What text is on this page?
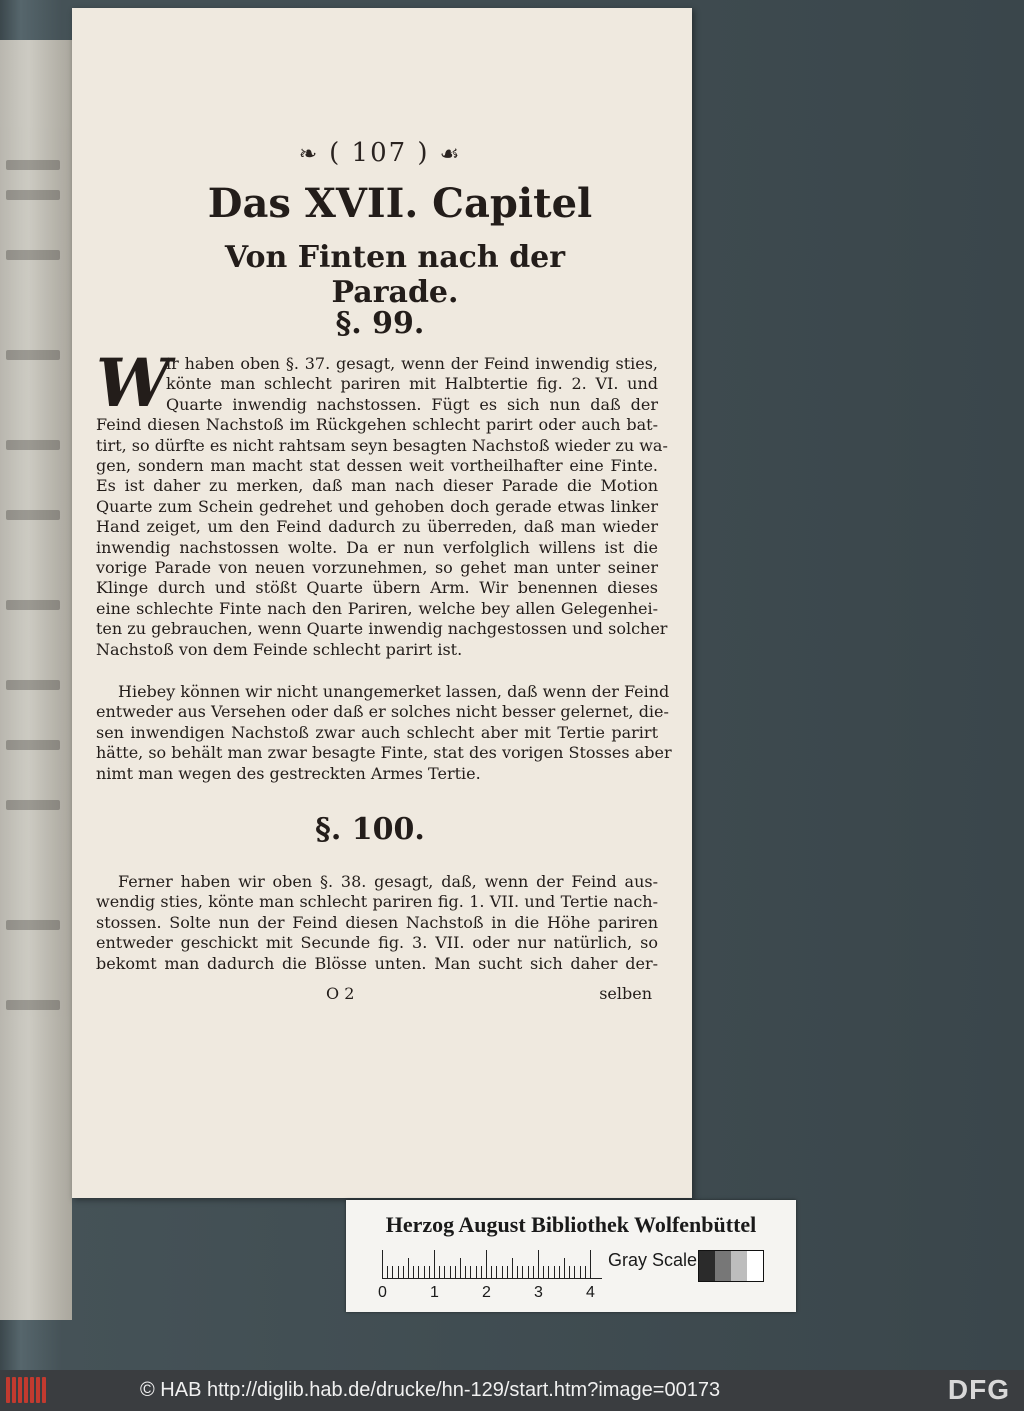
❧ ( 107 ) ☙
Das XVII. Capitel
Von Finten nach der Parade.
§. 99.
W

ir haben oben §. 37. gesagt, wenn der Feind inwendig sties,

könte man schlecht pariren mit Halbtertie fig. 2. VI. und

Quarte inwendig nachstossen. Fügt es sich nun daß der

Feind diesen Nachstoß im Rückgehen schlecht parirt oder auch bat-

tirt, so dürfte es nicht rahtsam seyn besagten Nachstoß wieder zu wa-

gen, sondern man macht stat dessen weit vortheilhafter eine Finte.

Es ist daher zu merken, daß man nach dieser Parade die Motion

Quarte zum Schein gedrehet und gehoben doch gerade etwas linker

Hand zeiget, um den Feind dadurch zu überreden, daß man wieder

inwendig nachstossen wolte. Da er nun verfolglich willens ist die

vorige Parade von neuen vorzunehmen, so gehet man unter seiner

Klinge durch und stößt Quarte übern Arm. Wir benennen dieses

eine schlechte Finte nach den Pariren, welche bey allen Gelegenhei-

ten zu gebrauchen, wenn Quarte inwendig nachgestossen und solcher

Nachstoß von dem Feinde schlecht parirt ist.

Hiebey können wir nicht unangemerket lassen, daß wenn der Feind

entweder aus Versehen oder daß er solches nicht besser gelernet, die-

sen inwendigen Nachstoß zwar auch schlecht aber mit Tertie parirt

hätte, so behält man zwar besagte Finte, stat des vorigen Stosses aber

nimt man wegen des gestreckten Armes Tertie.

§. 100.

Ferner haben wir oben §. 38. gesagt, daß, wenn der Feind aus-

wendig sties, könte man schlecht pariren fig. 1. VII. und Tertie nach-

stossen. Solte nun der Feind diesen Nachstoß in die Höhe pariren

entweder geschickt mit Secunde fig. 3. VII. oder nur natürlich, so

bekomt man dadurch die Blösse unten. Man sucht sich daher der-

O 2	selben
Herzog August Bibliothek Wolfenbüttel
0	1	2	3	4
Gray Scale
© HAB http://diglib.hab.de/drucke/hn-129/start.htm?image=00173	DFG
